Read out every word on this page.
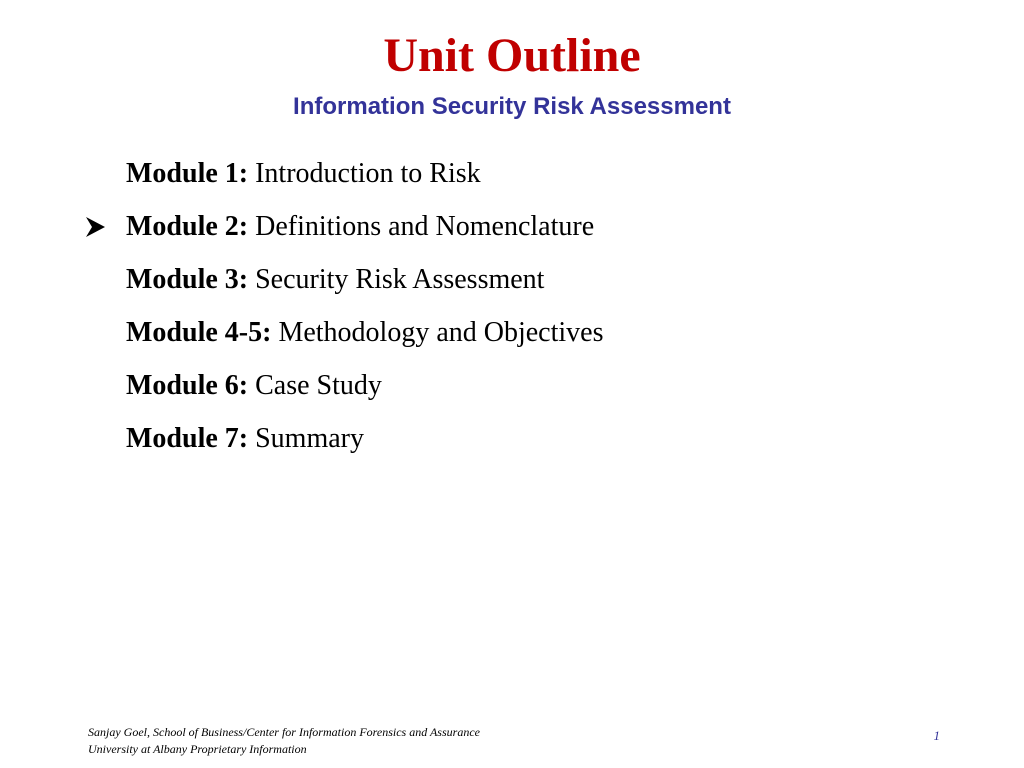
Unit Outline
Information Security Risk Assessment
Module 1: Introduction to Risk
Module 2: Definitions and Nomenclature
Module 3: Security Risk Assessment
Module 4-5: Methodology and Objectives
Module 6: Case Study
Module 7: Summary
Sanjay Goel, School of Business/Center for Information Forensics and Assurance
University at Albany Proprietary Information
1
